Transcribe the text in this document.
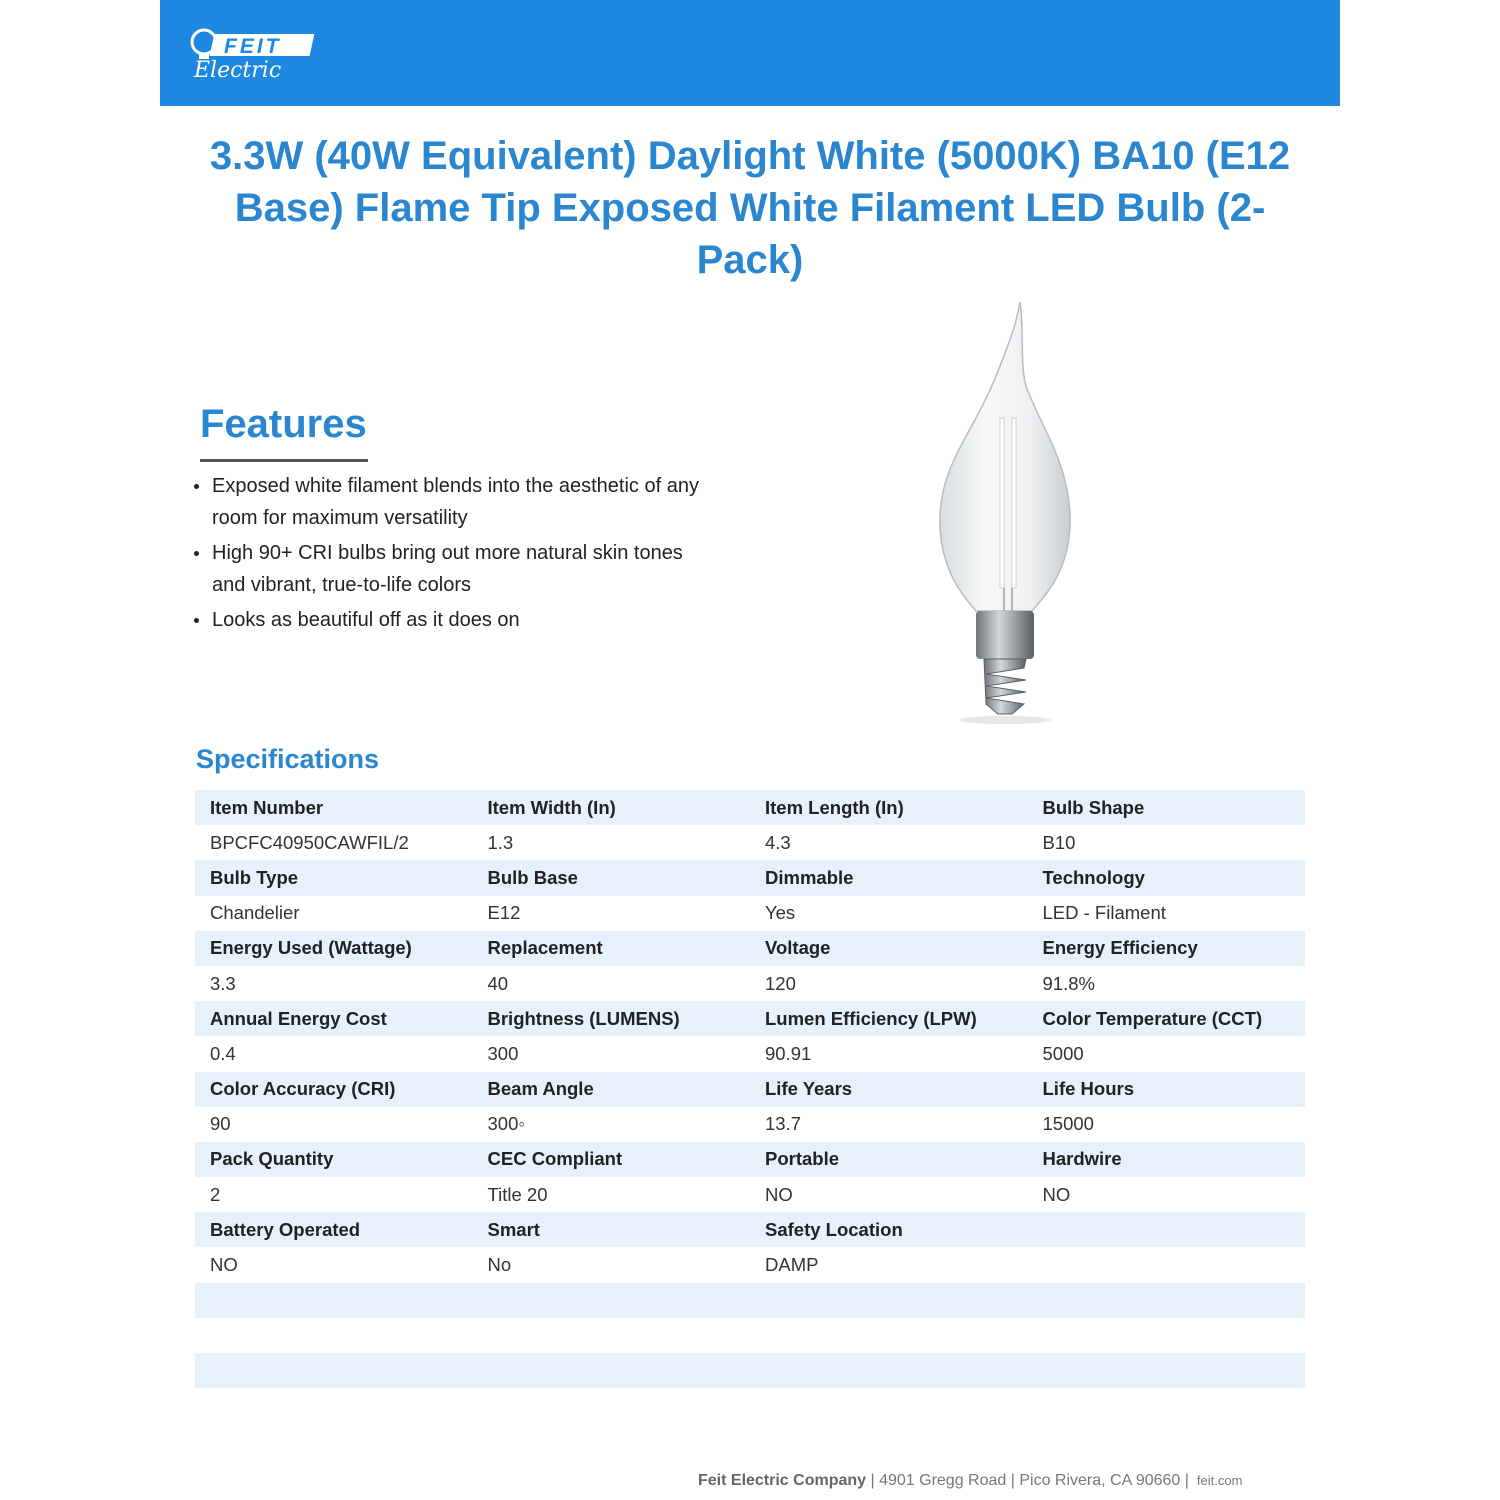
FEIT
Electric
3.3W (40W Equivalent) Daylight White (5000K) BA10 (E12 Base) Flame Tip Exposed White Filament LED Bulb (2-Pack)
Features
Exposed white filament blends into the aesthetic of any room for maximum versatility
High 90+ CRI bulbs bring out more natural skin tones and vibrant, true-to-life colors
Looks as beautiful off as it does on
Specifications
Item Number	Item Width (In)	Item Length (In)	Bulb Shape
BPCFC40950CAWFIL/2	1.3	4.3	B10
Bulb Type	Bulb Base	Dimmable	Technology
Chandelier	E12	Yes	LED - Filament
Energy Used (Wattage)	Replacement	Voltage	Energy Efficiency
3.3	40	120	91.8%
Annual Energy Cost	Brightness (LUMENS)	Lumen Efficiency (LPW)	Color Temperature (CCT)
0.4	300	90.91	5000
Color Accuracy (CRI)	Beam Angle	Life Years	Life Hours
90	300◦	13.7	15000
Pack Quantity	CEC Compliant	Portable	Hardwire
2	Title 20	NO	NO
Battery Operated	Smart	Safety Location	
NO	No	DAMP	

Feit Electric Company | 4901 Gregg Road | Pico Rivera, CA 90660 | feit.com
